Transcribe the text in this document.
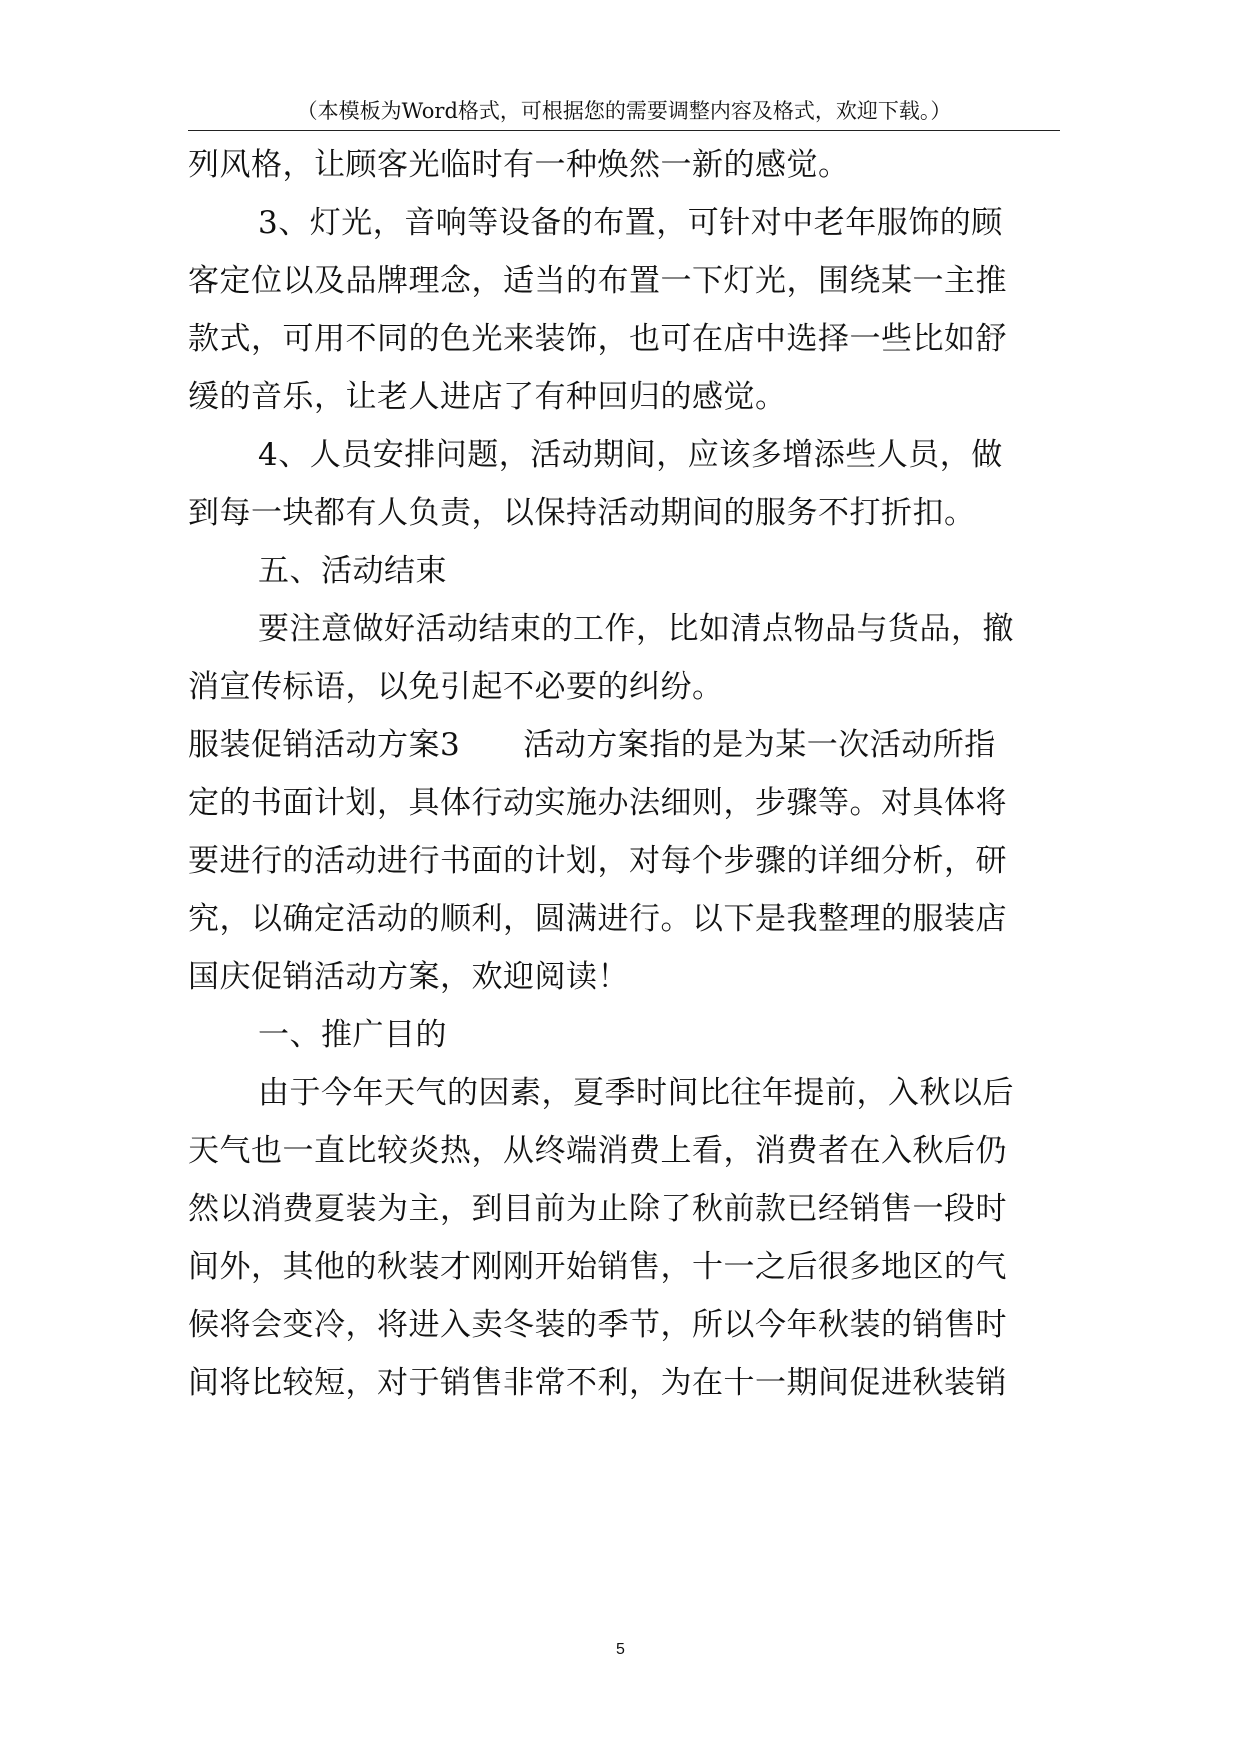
（本模板为Word格式，可根据您的需要调整内容及格式，欢迎下载。）
列风格，让顾客光临时有一种焕然一新的感觉。
3、灯光，音响等设备的布置，可针对中老年服饰的顾
客定位以及品牌理念，适当的布置一下灯光，围绕某一主推
款式，可用不同的色光来装饰，也可在店中选择一些比如舒
缓的音乐，让老人进店了有种回归的感觉。
4、人员安排问题，活动期间，应该多增添些人员，做
到每一块都有人负责，以保持活动期间的服务不打折扣。
五、活动结束
要注意做好活动结束的工作，比如清点物品与货品，撤
消宣传标语，以免引起不必要的纠纷。
服装促销活动方案3　　活动方案指的是为某一次活动所指
定的书面计划，具体行动实施办法细则，步骤等。对具体将
要进行的活动进行书面的计划，对每个步骤的详细分析，研
究，以确定活动的顺利，圆满进行。以下是我整理的服装店
国庆促销活动方案，欢迎阅读！
一、推广目的
由于今年天气的因素，夏季时间比往年提前，入秋以后
天气也一直比较炎热，从终端消费上看，消费者在入秋后仍
然以消费夏装为主，到目前为止除了秋前款已经销售一段时
间外，其他的秋装才刚刚开始销售，十一之后很多地区的气
候将会变冷，将进入卖冬装的季节，所以今年秋装的销售时
间将比较短，对于销售非常不利，为在十一期间促进秋装销
5
